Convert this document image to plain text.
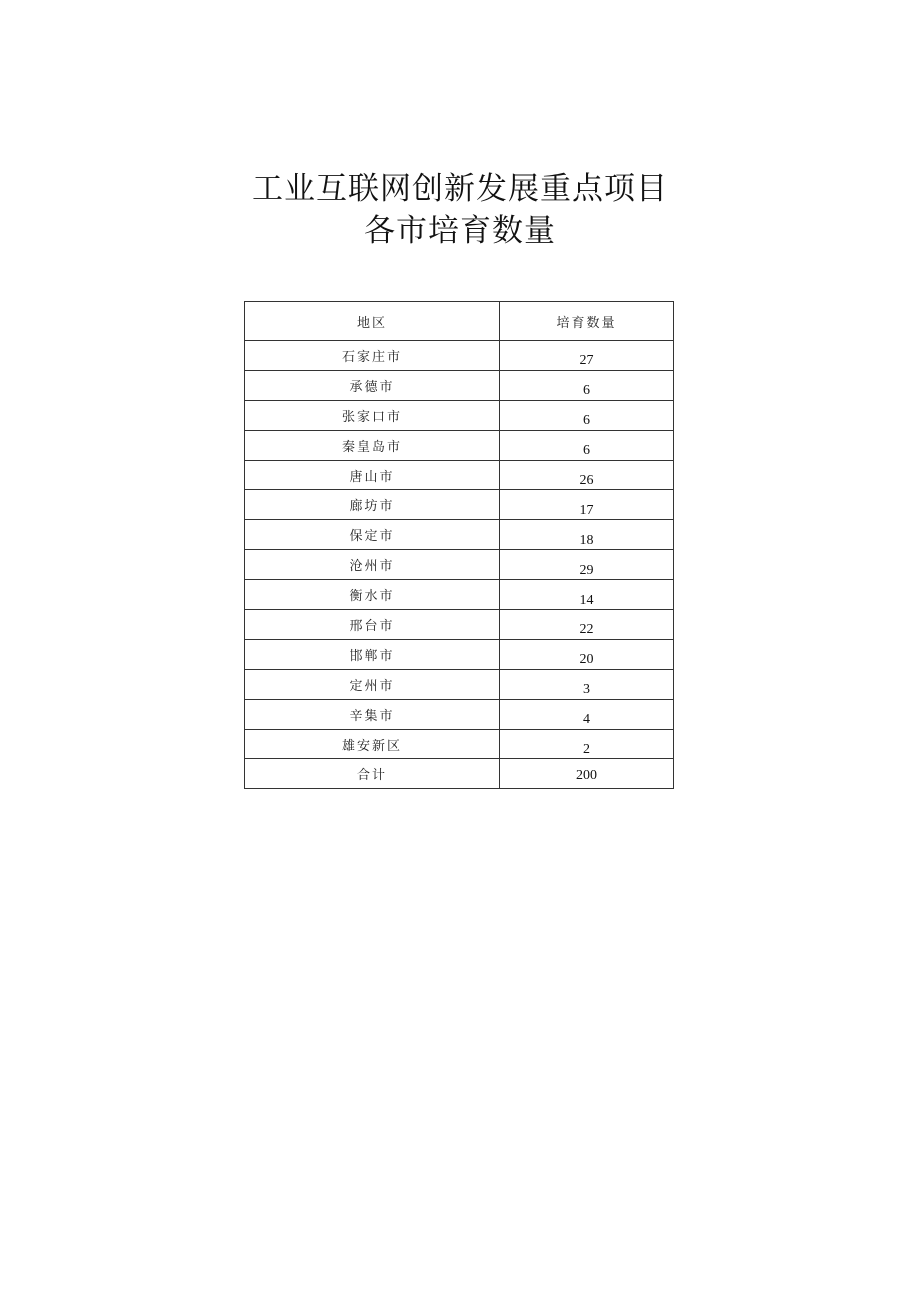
工业互联网创新发展重点项目
各市培育数量
地区	培育数量
石家庄市	27
承德市	6
张家口市	6
秦皇岛市	6
唐山市	26
廊坊市	17
保定市	18
沧州市	29
衡水市	14
邢台市	22
邯郸市	20
定州市	3
辛集市	4
雄安新区	2
合计	200
